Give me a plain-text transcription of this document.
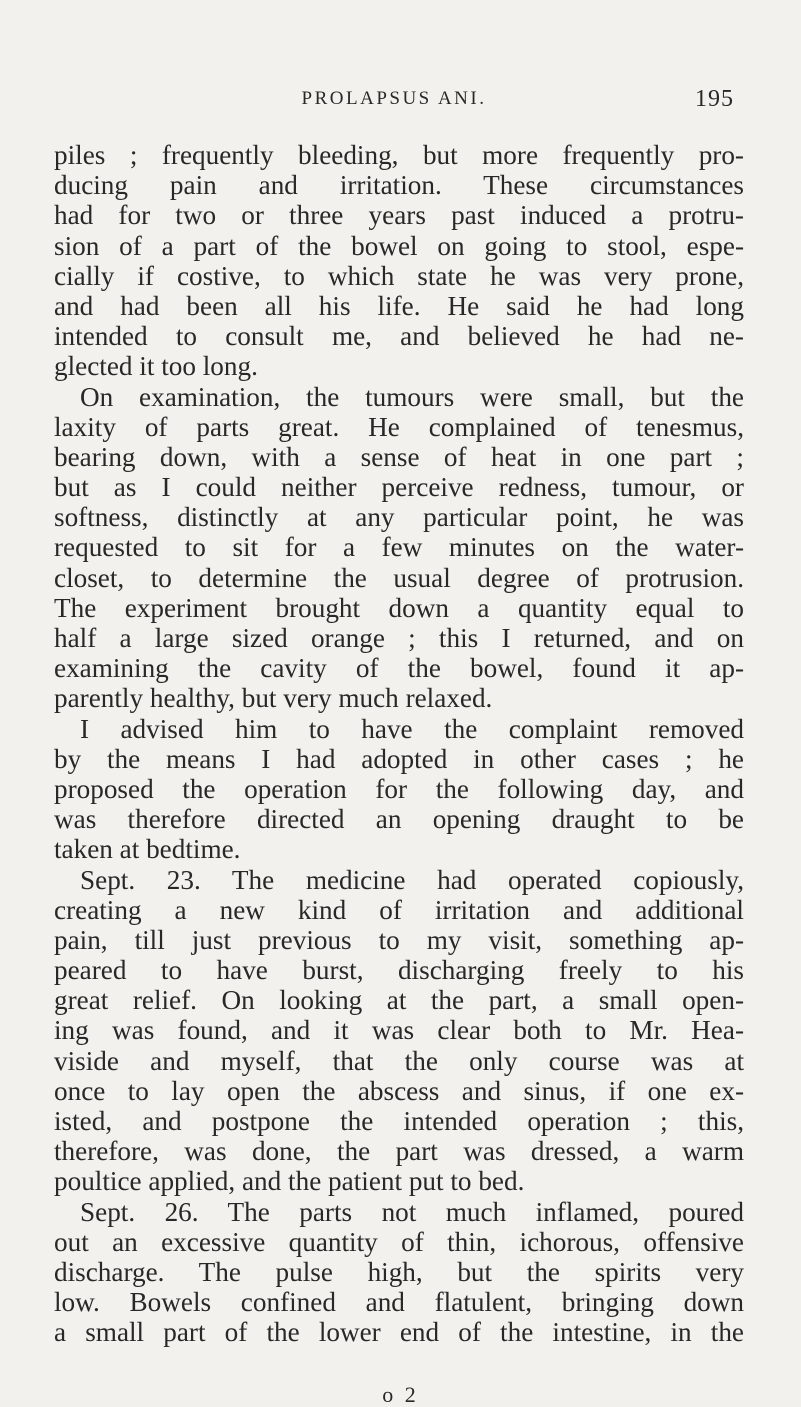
PROLAPSUS ANI.	195
piles ; frequently bleeding, but more frequently pro-
ducing pain and irritation. These circumstances
had for two or three years past induced a protru-
sion of a part of the bowel on going to stool, espe-
cially if costive, to which state he was very prone,
and had been all his life. He said he had long
intended to consult me, and believed he had ne-
glected it too long.
On examination, the tumours were small, but the
laxity of parts great. He complained of tenesmus,
bearing down, with a sense of heat in one part ;
but as I could neither perceive redness, tumour, or
softness, distinctly at any particular point, he was
requested to sit for a few minutes on the water-
closet, to determine the usual degree of protrusion.
The experiment brought down a quantity equal to
half a large sized orange ; this I returned, and on
examining the cavity of the bowel, found it ap-
parently healthy, but very much relaxed.
I advised him to have the complaint removed
by the means I had adopted in other cases ; he
proposed the operation for the following day, and
was therefore directed an opening draught to be
taken at bedtime.
Sept. 23. The medicine had operated copiously,
creating a new kind of irritation and additional
pain, till just previous to my visit, something ap-
peared to have burst, discharging freely to his
great relief. On looking at the part, a small open-
ing was found, and it was clear both to Mr. Hea-
viside and myself, that the only course was at
once to lay open the abscess and sinus, if one ex-
isted, and postpone the intended operation ; this,
therefore, was done, the part was dressed, a warm
poultice applied, and the patient put to bed.
Sept. 26. The parts not much inflamed, poured
out an excessive quantity of thin, ichorous, offensive
discharge. The pulse high, but the spirits very
low. Bowels confined and flatulent, bringing down
a small part of the lower end of the intestine, in the
o 2
